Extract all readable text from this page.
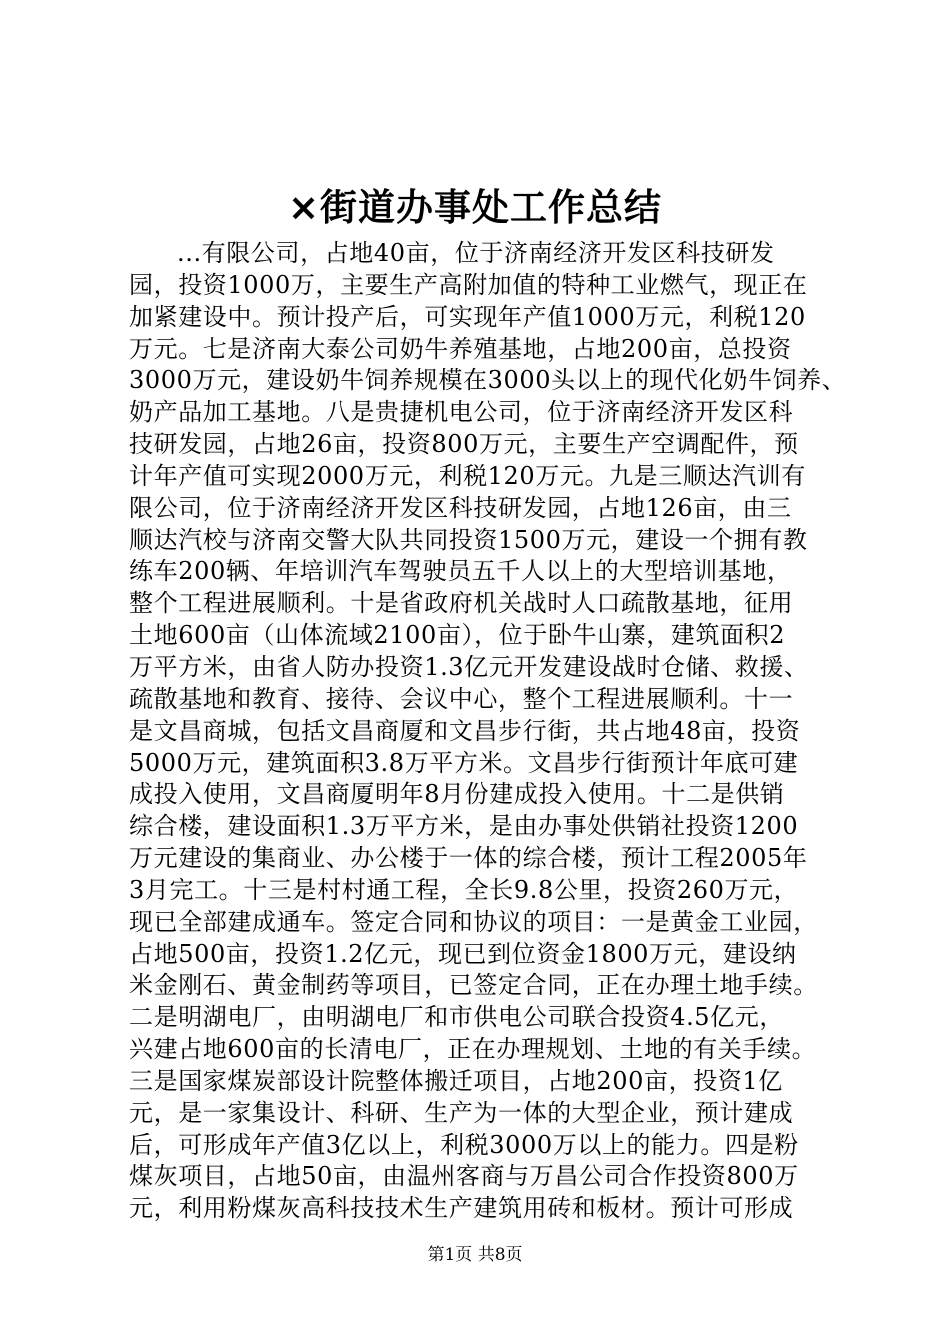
×街道办事处工作总结
...有限公司，占地40亩，位于济南经济开发区科技研发
园，投资1000万，主要生产高附加值的特种工业燃气，现正在
加紧建设中。预计投产后，可实现年产值1000万元，利税120
万元。七是济南大泰公司奶牛养殖基地，占地200亩，总投资
3000万元，建设奶牛饲养规模在3000头以上的现代化奶牛饲养、
奶产品加工基地。八是贵捷机电公司，位于济南经济开发区科
技研发园，占地26亩，投资800万元，主要生产空调配件，预
计年产值可实现2000万元，利税120万元。九是三顺达汽训有
限公司，位于济南经济开发区科技研发园，占地126亩，由三
顺达汽校与济南交警大队共同投资1500万元，建设一个拥有教
练车200辆、年培训汽车驾驶员五千人以上的大型培训基地，
整个工程进展顺利。十是省政府机关战时人口疏散基地，征用
土地600亩（山体流域2100亩），位于卧牛山寨，建筑面积2
万平方米，由省人防办投资1.3亿元开发建设战时仓储、救援、
疏散基地和教育、接待、会议中心，整个工程进展顺利。十一
是文昌商城，包括文昌商厦和文昌步行街，共占地48亩，投资
5000万元，建筑面积3.8万平方米。文昌步行街预计年底可建
成投入使用，文昌商厦明年8月份建成投入使用。十二是供销
综合楼，建设面积1.3万平方米，是由办事处供销社投资1200
万元建设的集商业、办公楼于一体的综合楼，预计工程2005年
3月完工。十三是村村通工程，全长9.8公里，投资260万元，
现已全部建成通车。签定合同和协议的项目：一是黄金工业园，
占地500亩，投资1.2亿元，现已到位资金1800万元，建设纳
米金刚石、黄金制药等项目，已签定合同，正在办理土地手续。
二是明湖电厂，由明湖电厂和市供电公司联合投资4.5亿元，
兴建占地600亩的长清电厂，正在办理规划、土地的有关手续。
三是国家煤炭部设计院整体搬迁项目，占地200亩，投资1亿
元，是一家集设计、科研、生产为一体的大型企业，预计建成
后，可形成年产值3亿以上，利税3000万以上的能力。四是粉
煤灰项目，占地50亩，由温州客商与万昌公司合作投资800万
元，利用粉煤灰高科技技术生产建筑用砖和板材。预计可形成
第1页 共8页
